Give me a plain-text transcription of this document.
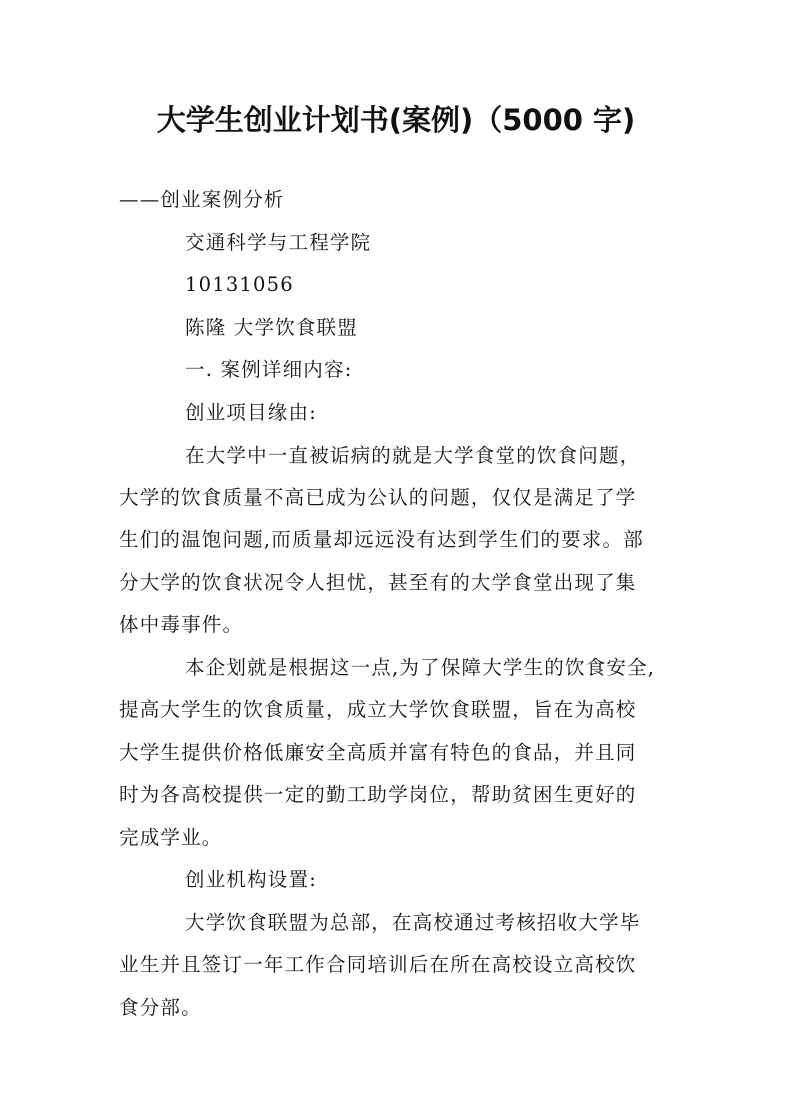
大学生创业计划书(案例)（5000 字)
——创业案例分析
交通科学与工程学院
10131056
陈隆 大学饮食联盟
一. 案例详细内容:
创业项目缘由:
在大学中一直被诟病的就是大学食堂的饮食问题，
大学的饮食质量不高已成为公认的问题，仅仅是满足了学
生们的温饱问题,而质量却远远没有达到学生们的要求。部
分大学的饮食状况令人担忧，甚至有的大学食堂出现了集
体中毒事件。
本企划就是根据这一点,为了保障大学生的饮食安全,
提高大学生的饮食质量，成立大学饮食联盟，旨在为高校
大学生提供价格低廉安全高质并富有特色的食品，并且同
时为各高校提供一定的勤工助学岗位，帮助贫困生更好的
完成学业。
创业机构设置:
大学饮食联盟为总部，在高校通过考核招收大学毕
业生并且签订一年工作合同培训后在所在高校设立高校饮
食分部。
